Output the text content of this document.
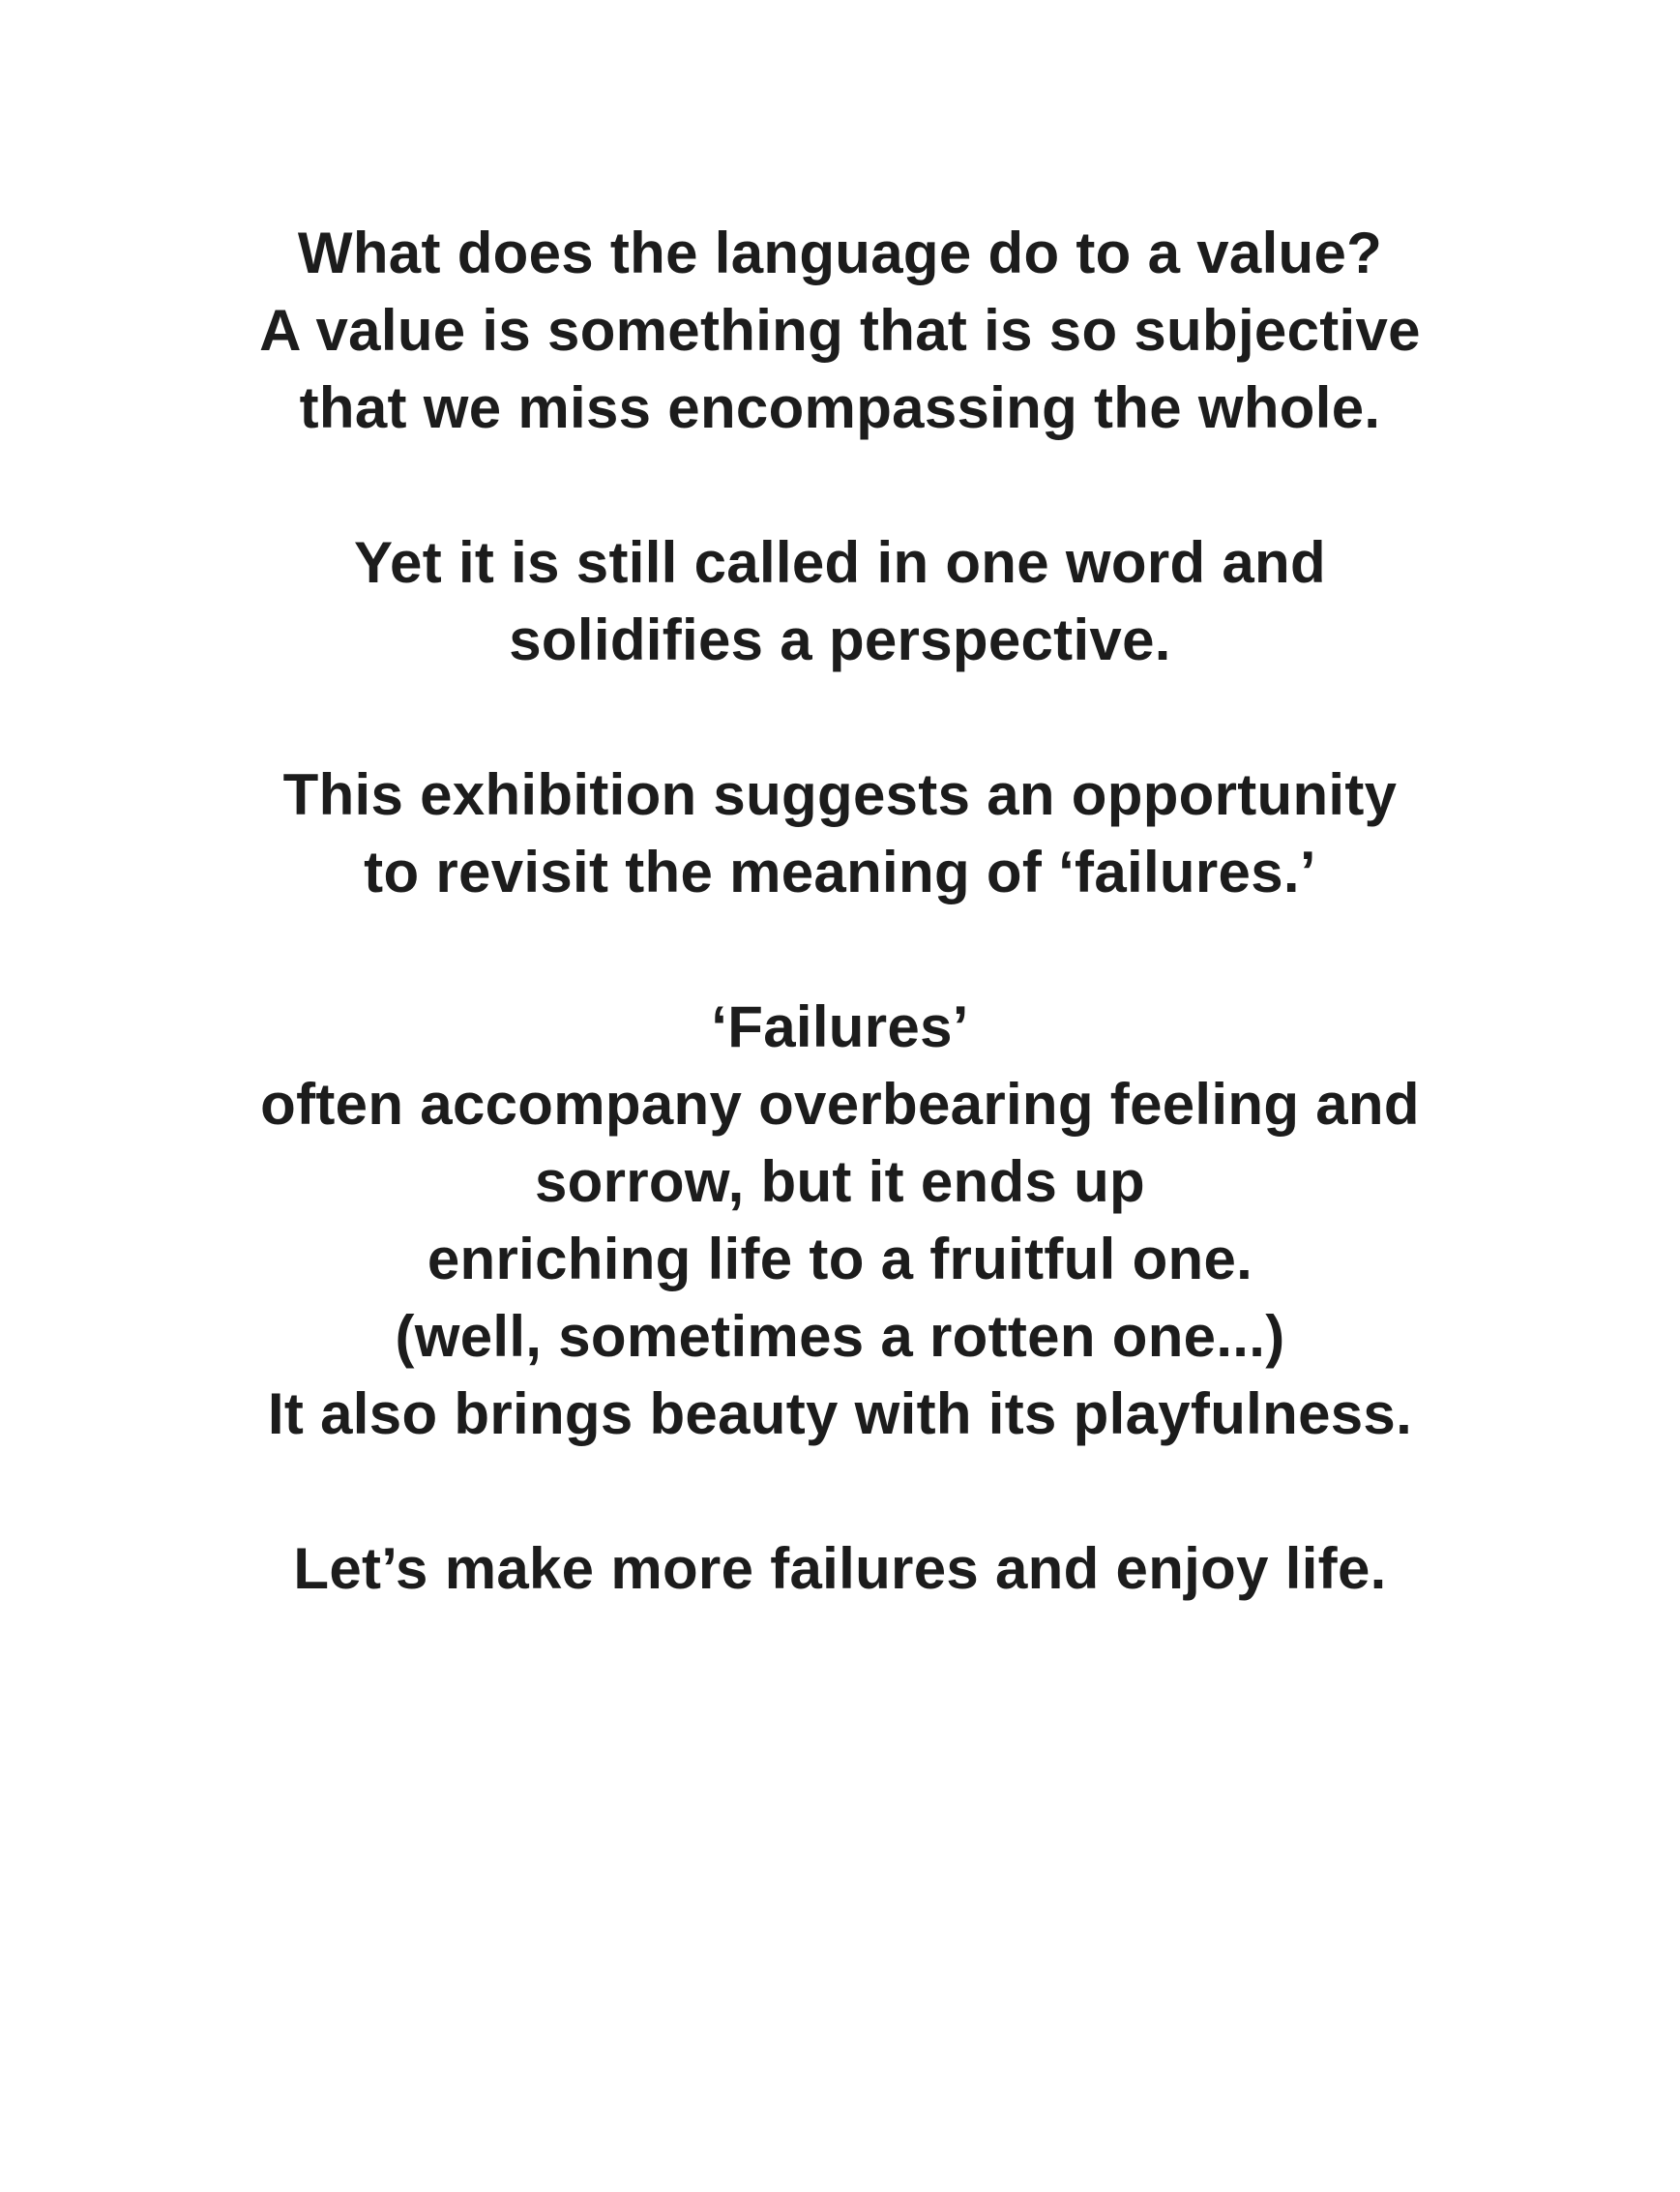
What does the language do to a value?
A value is something that is so subjective
that we miss encompassing the whole.
Yet it is still called in one word and
solidifies a perspective.
This exhibition suggests an opportunity
to revisit the meaning of ‘failures.’
‘Failures’
often accompany overbearing feeling and
sorrow, but it ends up
enriching life to a fruitful one.
(well, sometimes a rotten one...)
It also brings beauty with its playfulness.
Let’s make more failures and enjoy life.
